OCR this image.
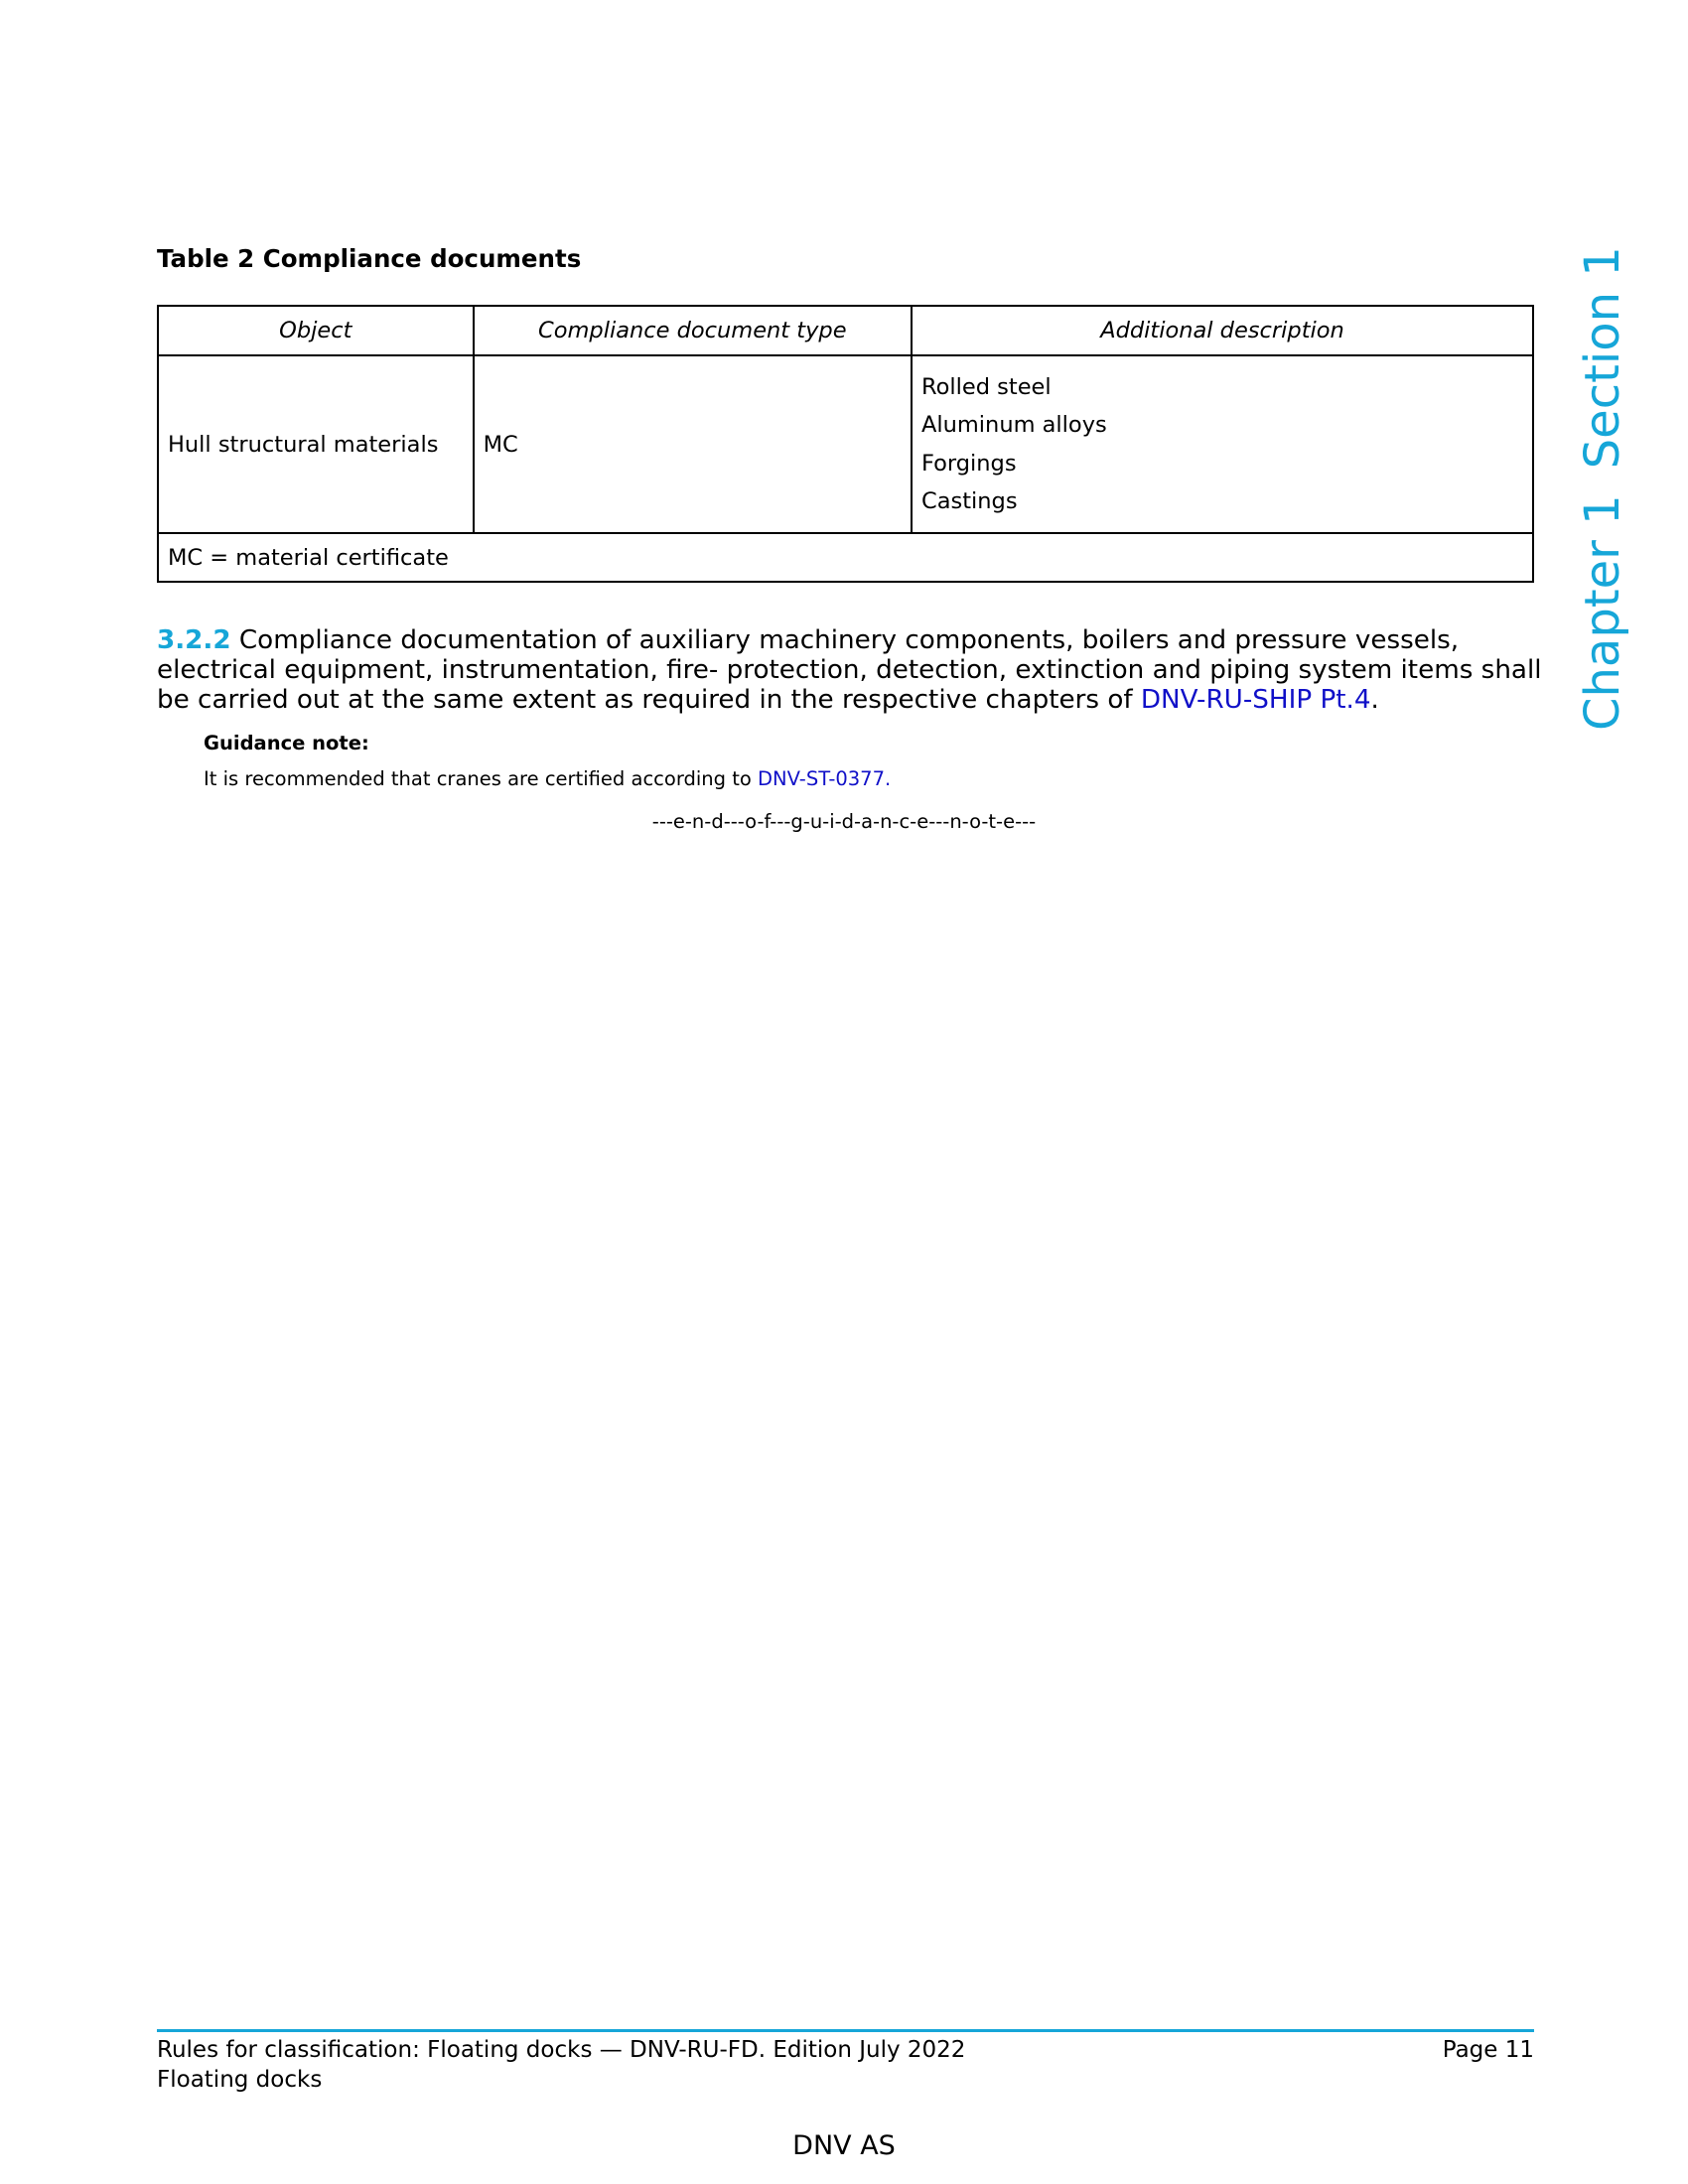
Chapter 1Section 1
Table 2 Compliance documents
Object	Compliance document type	Additional description
Hull structural materials	MC	Rolled steel
Aluminum alloys
Forgings
Castings

MC = material certificate		

3.2.2 Compliance documentation of auxiliary machinery components, boilers and pressure vessels, electrical equipment, instrumentation, fire- protection, detection, extinction and piping system items shall be carried out at the same extent as required in the respective chapters of DNV-RU-SHIP Pt.4.

Guidance note:
It is recommended that cranes are certified according to DNV-ST-0377.
---e-n-d---o-f---g-u-i-d-a-n-c-e---n-o-t-e---
Rules for classification: Floating docks — DNV-RU-FD. Edition July 2022
Floating docks
Page 11
DNV AS
